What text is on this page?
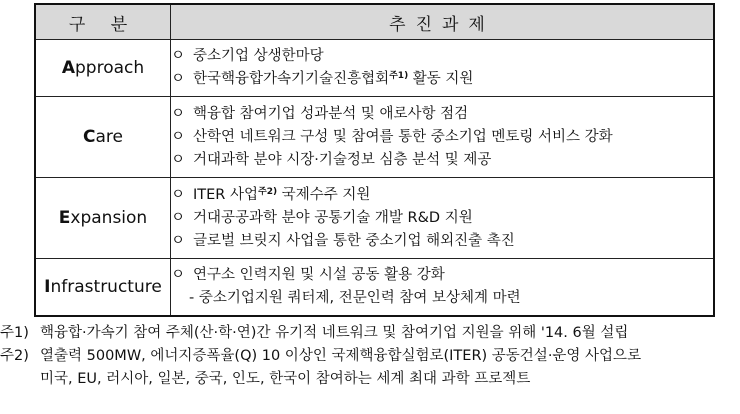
구 분	추진과제
Approach	ㅇ 중소기업 상생한마당
ㅇ 한국핵융합가속기기술진흥협회$^{주1)}$ 활동 지원

Care	ㅇ 핵융합 참여기업 성과분석 및 애로사항 점검
ㅇ 산학연 네트워크 구성 및 참여를 통한 중소기업 멘토링 서비스 강화
ㅇ 거대과학 분야 시장·기술정보 심층 분석 및 제공

Expansion	ㅇ ITER 사업$^{주2)}$ 국제수주 지원
ㅇ 거대공공과학 분야 공통기술 개발 R&D 지원
ㅇ 글로벌 브릿지 사업을 통한 중소기업 해외진출 촉진

Infrastructure	ㅇ 연구소 인력지원 및 시설 공동 활용 강화
- 중소기업지원 쿼터제, 전문인력 참여 보상체계 마련
주1) 핵융합·가속기 참여 주체(산·학·연)간 유기적 네트워크 및 참여기업 지원을 위해 '14. 6월 설립
주2) 열출력 500MW, 에너지증폭율(Q) 10 이상인 국제핵융합실험로(ITER) 공동건설·운영 사업으로
미국, EU, 러시아, 일본, 중국, 인도, 한국이 참여하는 세계 최대 과학 프로젝트
